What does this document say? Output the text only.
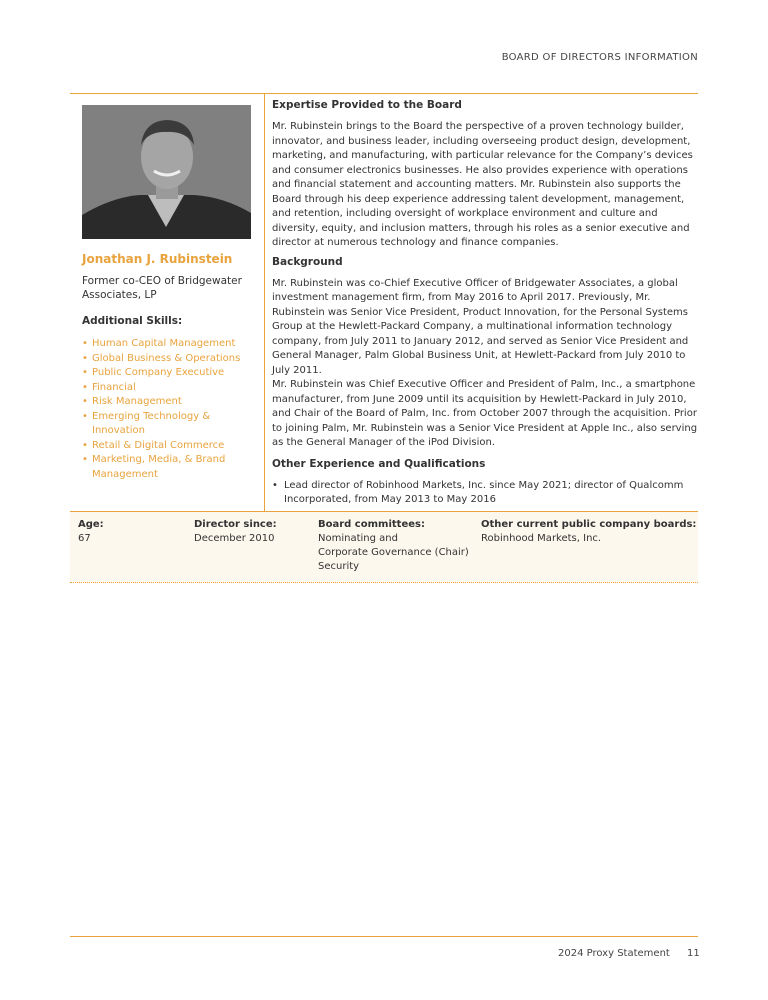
BOARD OF DIRECTORS INFORMATION
Jonathan J. Rubinstein
Former co-CEO of Bridgewater Associates, LP
Additional Skills:
• Human Capital Management
• Global Business & Operations
• Public Company Executive
• Financial
• Risk Management
• Emerging Technology & Innovation
• Retail & Digital Commerce
• Marketing, Media, & Brand Management
Expertise Provided to the Board

Mr. Rubinstein brings to the Board the perspective of a proven technology builder, innovator, and business leader, including overseeing product design, development, marketing, and manufacturing, with particular relevance for the Company’s devices and consumer electronics businesses. He also provides experience with operations and financial statement and accounting matters. Mr. Rubinstein also supports the Board through his deep experience addressing talent development, management, and retention, including oversight of workplace environment and culture and diversity, equity, and inclusion matters, through his roles as a senior executive and director at numerous technology and finance companies.

Background

Mr. Rubinstein was co-Chief Executive Officer of Bridgewater Associates, a global investment management firm, from May 2016 to April 2017. Previously, Mr. Rubinstein was Senior Vice President, Product Innovation, for the Personal Systems Group at the Hewlett-Packard Company, a multinational information technology company, from July 2011 to January 2012, and served as Senior Vice President and General Manager, Palm Global Business Unit, at Hewlett-Packard from July 2010 to July 2011.

Mr. Rubinstein was Chief Executive Officer and President of Palm, Inc., a smartphone manufacturer, from June 2009 until its acquisition by Hewlett-Packard in July 2010, and Chair of the Board of Palm, Inc. from October 2007 through the acquisition. Prior to joining Palm, Mr. Rubinstein was a Senior Vice President at Apple Inc., also serving as the General Manager of the iPod Division.

Other Experience and Qualifications
• Lead director of Robinhood Markets, Inc. since May 2021; director of Qualcomm Incorporated, from May 2013 to May 2016
Age:
67
Director since:
December 2010
Board committees:
Nominating and
Corporate Governance (Chair)
Security
Other current public company boards:
Robinhood Markets, Inc.
2024 Proxy Statement 11
